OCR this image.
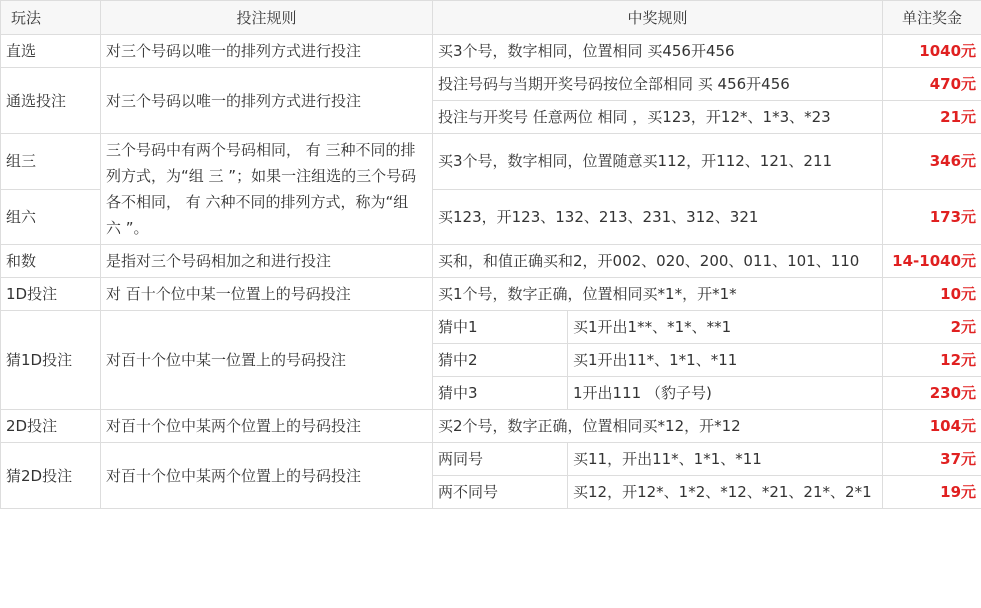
玩法	投注规则	中奖规则		单注奖金
直选	对三个号码以唯一的排列方式进行投注	买3个号，数字相同，位置相同 买456开456		1040元
通选投注	对三个号码以唯一的排列方式进行投注	投注号码与当期开奖号码按位全部相同 买 456开456		470元
		投注与开奖号 任意两位 相同 ，买123，开12*、1*3、*23		21元
组三	三个号码中有两个号码相同， 有 三种不同的排列方式，为“组 三 ”；如果一注组选的三个号码各不相同， 有 六种不同的排列方式，称为“组 六 ”。	买3个号，数字相同，位置随意买112，开112、121、211		346元
组六		买123，开123、132、213、231、312、321		173元
和数	是指对三个号码相加之和进行投注	买和，和值正确买和2，开002、020、200、011、101、110		14-1040元
1D投注	对 百十个位中某一位置上的号码投注	买1个号，数字正确，位置相同买*1*，开*1*		10元
猜1D投注	对百十个位中某一位置上的号码投注	猜中1	买1开出1**、*1*、**1	2元
		猜中2	买1开出11*、1*1、*11	12元
		猜中3	1开出111 （豹子号)	230元
2D投注	对百十个位中某两个位置上的号码投注	买2个号，数字正确，位置相同买*12，开*12		104元
猜2D投注	对百十个位中某两个位置上的号码投注	两同号	买11，开出11*、1*1、*11	37元
		两不同号	买12，开12*、1*2、*12、*21、21*、2*1	19元
